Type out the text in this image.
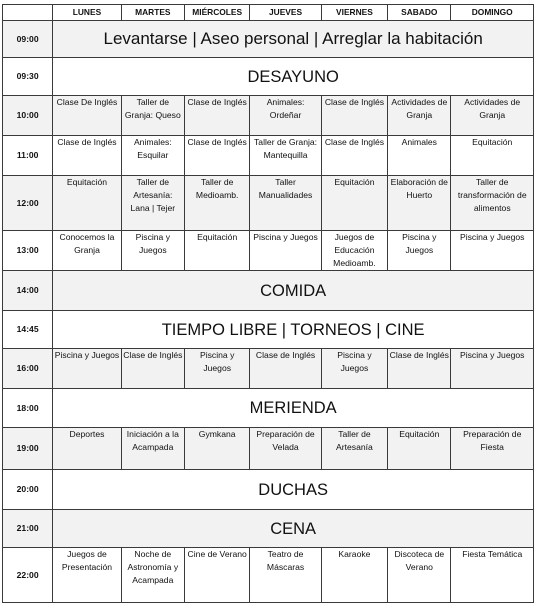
	LUNES	MARTES	MIÉRCOLES	JUEVES	VIERNES	SABADO	DOMINGO
09:00	Levantarse | Aseo personal | Arreglar la habitación						
09:30	DESAYUNO						
10:00	Clase De Inglés	Taller de Granja: Queso	Clase de Inglés	Animales: Ordeñar	Clase de Inglés	Actividades de Granja	Actividades de Granja
11:00	Clase de Inglés	Animales: Esquilar	Clase de Inglés	Taller de Granja: Mantequilla	Clase de Inglés	Animales	Equitación
12:00	Equitación	Taller de Artesanía: Lana | Tejer	Taller de Medioamb.	Taller Manualidades	Equitación	Elaboración de Huerto	Taller de transformación de alimentos
13:00	Conocemos la Granja	Piscina y Juegos	Equitación	Piscina y Juegos	Juegos de Educación Medioamb.	Piscina y Juegos	Piscina y Juegos
14:00	COMIDA						
14:45	TIEMPO LIBRE | TORNEOS | CINE						
16:00	Piscina y Juegos	Clase de Inglés	Piscina y Juegos	Clase de Inglés	Piscina y Juegos	Clase de Inglés	Piscina y Juegos
18:00	MERIENDA						
19:00	Deportes	Iniciación a la Acampada	Gymkana	Preparación de Velada	Taller de Artesanía	Equitación	Preparación de Fiesta
20:00	DUCHAS						
21:00	CENA						
22:00	Juegos de Presentación	Noche de Astronomía y Acampada	Cine de Verano	Teatro de Máscaras	Karaoke	Discoteca de Verano	Fiesta Temática
